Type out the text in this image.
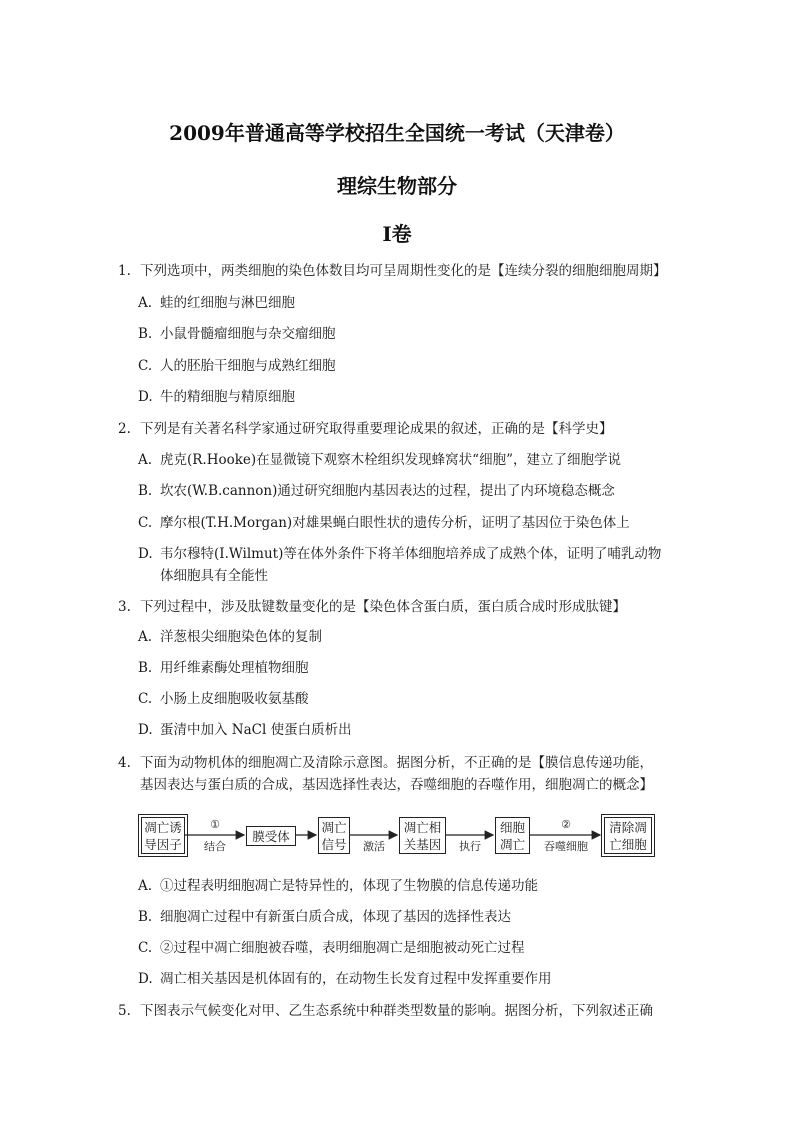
2009年普通高等学校招生全国统一考试（天津卷）
理综生物部分
Ⅰ卷
1. 下列选项中，两类细胞的染色体数目均可呈周期性变化的是【连续分裂的细胞细胞周期】
A. 蛙的红细胞与淋巴细胞
B. 小鼠骨髓瘤细胞与杂交瘤细胞
C. 人的胚胎干细胞与成熟红细胞
D. 牛的精细胞与精原细胞
2. 下列是有关著名科学家通过研究取得重要理论成果的叙述，正确的是【科学史】
A. 虎克(R.Hooke)在显微镜下观察木栓组织发现蜂窝状“细胞”，建立了细胞学说
B. 坎农(W.B.cannon)通过研究细胞内基因表达的过程，提出了内环境稳态概念
C. 摩尔根(T.H.Morgan)对雄果蝇白眼性状的遗传分析，证明了基因位于染色体上
D. 韦尔穆特(I.Wilmut)等在体外条件下将羊体细胞培养成了成熟个体，证明了哺乳动物
体细胞具有全能性
3. 下列过程中，涉及肽键数量变化的是【染色体含蛋白质，蛋白质合成时形成肽键】
A. 洋葱根尖细胞染色体的复制
B. 用纤维素酶处理植物细胞
C. 小肠上皮细胞吸收氨基酸
D. 蛋清中加入 NaCl 使蛋白质析出
4. 下面为动物机体的细胞凋亡及清除示意图。据图分析，不正确的是【膜信息传递功能，
基因表达与蛋白质的合成，基因选择性表达，吞噬细胞的吞噬作用，细胞凋亡的概念】
凋亡诱
导因子
膜受体
凋亡
信号
凋亡相
关基因
细胞
凋亡
清除凋
亡细胞
①
结合	激活	执行
②
吞噬细胞
A. ①过程表明细胞凋亡是特异性的，体现了生物膜的信息传递功能
B. 细胞凋亡过程中有新蛋白质合成，体现了基因的选择性表达
C. ②过程中凋亡细胞被吞噬，表明细胞凋亡是细胞被动死亡过程
D. 凋亡相关基因是机体固有的，在动物生长发育过程中发挥重要作用
5. 下图表示气候变化对甲、乙生态系统中种群类型数量的影响。据图分析，下列叙述正确
